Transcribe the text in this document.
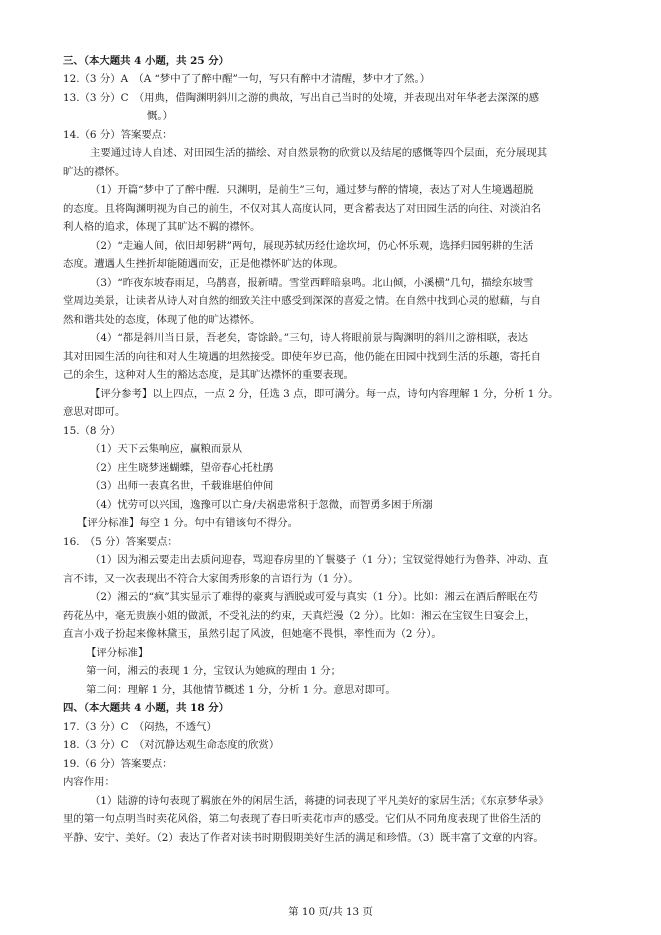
三、（本大题共 4 小题，共 25 分）
12.（3 分）A　（A “梦中了了醉中醒”一句，写只有醉中才清醒，梦中才了然。）
13.（3 分）C　（用典，借陶渊明斜川之游的典故，写出自己当时的处境，并表现出对年华老去深深的感
慨。）
14.（6 分）答案要点：
主要通过诗人自述、对田园生活的描绘、对自然景物的欣赏以及结尾的感慨等四个层面，充分展现其
旷达的襟怀。
（1）开篇“梦中了了醉中醒．只渊明，是前生”三句，通过梦与醉的情境，表达了对人生境遇超脱
的态度。且将陶渊明视为自己的前生，不仅对其人高度认同，更含蓄表达了对田园生活的向往、对淡泊名
利人格的追求，体现了其旷达不羁的襟怀。
（2）“走遍人间，依旧却躬耕”两句，展现苏轼历经仕途坎坷，仍心怀乐观，选择归园躬耕的生活
态度。遭遇人生挫折却能随遇而安，正是他襟怀旷达的体现。
（3）“昨夜东坡春雨足，乌鹊喜，报新晴。雪堂西畔暗泉鸣。北山倾，小溪横”几句，描绘东坡雪
堂周边美景，让读者从诗人对自然的细致关注中感受到深深的喜爱之情。在自然中找到心灵的慰藉，与自
然和谐共处的态度，体现了他的旷达襟怀。
（4）“都是斜川当日景，吾老矣，寄馀龄。”三句，诗人将眼前景与陶渊明的斜川之游相联，表达
其对田园生活的向往和对人生境遇的坦然接受。即使年岁已高，他仍能在田园中找到生活的乐趣，寄托自
己的余生，这种对人生的豁达态度，是其旷达襟怀的重要表现。
【评分参考】以上四点，一点 2 分，任选 3 点，即可满分。每一点，诗句内容理解 1 分，分析 1 分。
意思对即可。
15.（8 分）
（1）天下云集响应，赢粮而景从
（2）庄生晓梦迷蝴蝶，望帝春心托杜鹃
（3）出师一表真名世，千载谁堪伯仲间
（4）忧劳可以兴国，逸豫可以亡身/夫祸患常积于忽微，而智勇多困于所溺
【评分标准】每空 1 分。句中有错该句不得分。
16.　（5 分）答案要点：
（1）因为湘云要走出去质问迎春，骂迎春房里的丫鬟婆子（1 分）；宝钗觉得她行为鲁莽、冲动、直
言不讳，又一次表现出不符合大家闺秀形象的言语行为（1 分）。
（2）湘云的“疯”其实显示了难得的豪爽与洒脱或可爱与真实（1 分）。比如：湘云在酒后醉眠在芍
药花丛中，毫无贵族小姐的做派，不受礼法的约束，天真烂漫（2 分）。比如：湘云在宝钗生日宴会上，
直言小戏子扮起来像林黛玉，虽然引起了风波，但她毫不畏惧，率性而为（2 分）。
【评分标准】
第一问，湘云的表现 1 分，宝钗认为她疯的理由 1 分；
第二问：理解 1 分，其他情节概述 1 分，分析 1 分。意思对即可。
四、（本大题共 4 小题，共 18 分）
17.（3 分）C　（闷热，不透气）
18.（3 分）C　（对沉静达观生命态度的欣赏）
19.（6 分）答案要点：
内容作用：
（1）陆游的诗句表现了羁旅在外的闲居生活，蒋捷的词表现了平凡美好的家居生活；《东京梦华录》
里的第一句点明当时卖花风俗，第二句表现了春日听卖花市声的感受。它们从不同角度表现了世俗生活的
平静、安宁、美好。（2）表达了作者对读书时期假期美好生活的满足和珍惜。（3）既丰富了文章的内容。
第 10 页/共 13 页
